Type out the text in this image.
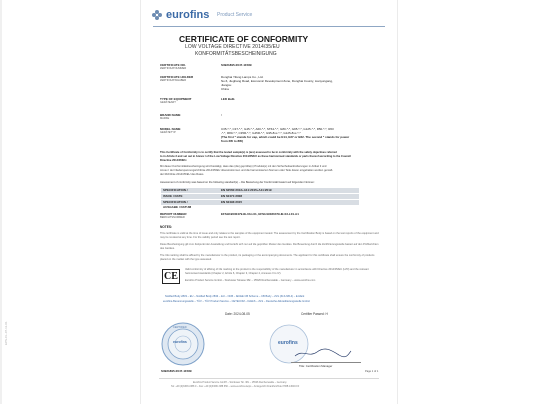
EPS-CL-07-11-01
eurofins Product Service
CERTIFICATE OF CONFORMITY
LOW VOLTAGE DIRECTIVE 2014/35/EU
KONFORMITÄTSBESCHEINIGUNG
CERTIFICATE NO.
ZERTIFIKATNUMMER
S3921895-0047-11589
CERTIFICATE HOLDER
ZERTIFIKATINHABER
Donghai Yifeng Lamps Co., Ltd.
No.6, Jieghang Road, Economic Development Zone, Donghai County, Lianyungang,
Jiangsu
China
TYPE OF EQUIPMENT
GERÄTEART
LED Bulb
BRAND NAME
MARKE
/
MODEL NAME
GERÄTETYP
C35-*-*, C37-*-*, G45-*-*, A60-*-*, ST64-*-*, G80-*-*, G95-*-*, G125-*-*, R50-*-*, R63
-*-*, R80-*-*, C35R-*-*, G45R-*-*, G95-8xx-*-*, G125-8xx-*-*
(The first * stands for cap, which could be E14, E27 or B22. The second * stands for power
from 2W to 8W)
This Certificate of Conformity is to certify that the tested sample(s) is (are) assessed to be in conformity with the safety objectives referred
to in Article 3 and set out in Annex I of the Low Voltage Directive 2014/35/EU as these harmonised standards or parts thereof according to the Council
Directive 2014/35/EU.
Mit dieser Konformitätsbescheinigung wird bestätigt, dass das (die) geprüfte(n) Produkt(e) mit den Sicherheitsanforderungen in Artikel 3 und
Annex I der Niederspannungsrichtlinie 2014/35/EU übereinstimmen und die harmonisierten Normen oder Teile davon eingehalten werden gemäß
der Richtlinie 2014/35/EU des Rates.
Assessment of conformity was based on the following standard(s) – Die Bewertung der Konformität basiert auf folgenden Normen:
SPECIFICATION /	EN 62560:2012+A11:2015+A11:2019
ISSUE / DATE	EN 62471:2008
SPECIFICATION /	EN 62493:2015
AUSGABE / DATUM
REPORT NUMBER
BERICHTSNUMMER
EFSH19030479-IE-03-L01, EFSH19030479-IE-03-L01-A1
NOTES:
This certificate is valid at the time of issue and only relates to the samples of the equipment tested. The assessment by the Certification Body is based on the test reports of the equipment and may be revoked at any time. For the validity period see the test report.
Diese Bescheinigung gilt zum Zeitpunkt der Ausstellung und bezieht sich nur auf die geprüften Muster des Gerätes. Die Bewertung durch die Zertifizierungsstelle basiert auf den Prüfberichten des Gerätes.
The CE marking shall be affixed by the manufacturer to the product, its packaging or the accompanying documents. The applicant for this certificate shall ensure the conformity of products placed on the market with the type assessed.
CE
Valid conformity of affixing of CE marking to the product is the responsibility of the manufacturer in accordance with Directive 2014/35/EU (LVD) and the relevant harmonised standards (Chapter 2, Article 6, Chapter 3, Chapter 4, Annexes II to IV).
Eurofins Product Service GmbH – Storkower Strasse 38c – 15526 Reichenwalde – Germany – www.eurofins.com
Notified Body 2833 – EU – Notified Body 2833 – EU – NCB – IECEE CB Scheme – CB Body – ZLS (ZLS-NB-4) – E-Mark
eurofins-Benennungsstelle – TÜV – TÜV Product Service – CETECOM – DAkkS – ZLS – Deutsche Akkreditierungsstelle GmbH
Date: 2024-08-05	Certifier Passed: H
eurofins
CERTIFIED
eurofins
Title: Certification Manager
S3921895-0047-11589	Page 1 of 1
Eurofins Product Service GmbH – Storkower Str. 38c – 15526 Reichenwalde – Germany
Tel: +49 (0)33631 888 0 – Fax: +49 (0)33631 888 650 – www.eurofins.de/ps – Amtsgericht Frankfurt/Oder HRB 13046 FF
